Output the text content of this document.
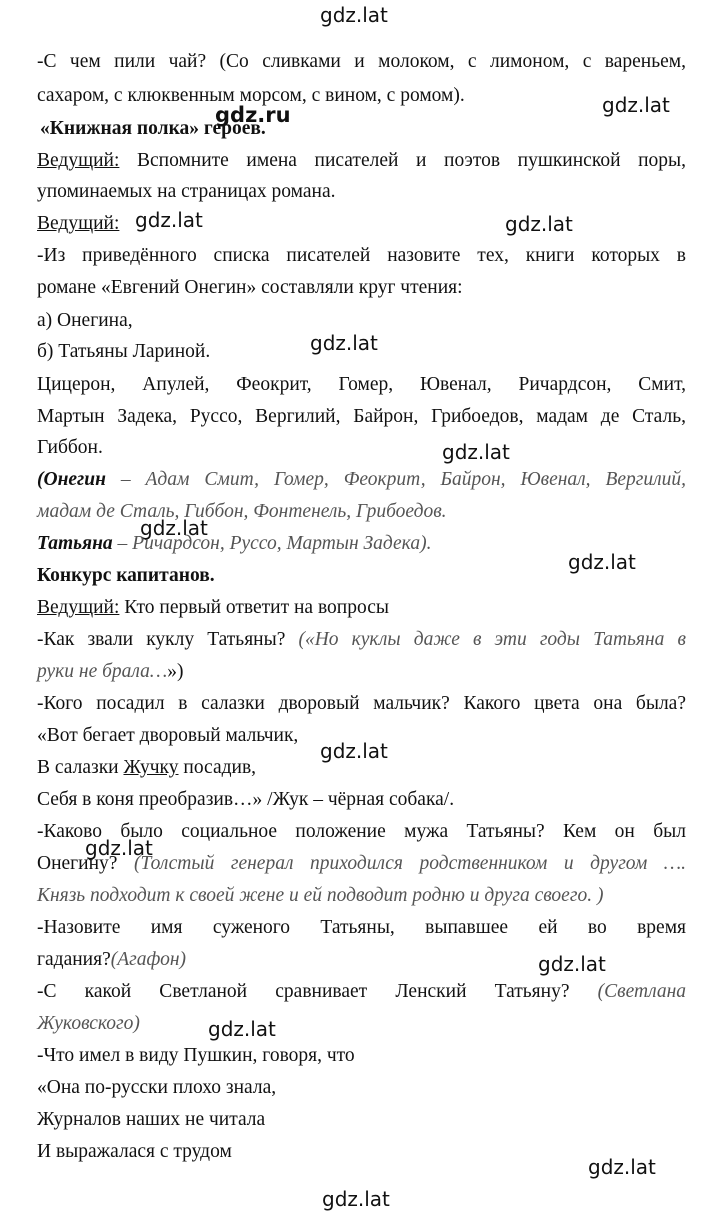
gdz.lat
gdz.lat
gdz.ru
gdz.lat	gdz.lat
gdz.lat
gdz.lat
gdz.lat
gdz.lat
gdz.lat
gdz.lat
gdz.lat
gdz.lat
gdz.lat
gdz.lat
-С чем пили чай? (Со сливками и молоком, с лимоном, с вареньем,
сахаром, с клюквенным морсом, с вином, с ромом).
«Книжная полка» героев.
Ведущий: Вспомните имена писателей и поэтов пушкинской поры,
упоминаемых на страницах романа.
Ведущий:
-Из приведённого списка писателей назовите тех, книги которых в
романе «Евгений Онегин» составляли круг чтения:
а) Онегина,
б) Татьяны Лариной.
Цицерон, Апулей, Феокрит, Гомер, Ювенал, Ричардсон, Смит,
Мартын Задека, Руссо, Вергилий, Байрон, Грибоедов, мадам де Сталь,
Гиббон.
(Онегин – Адам Смит, Гомер, Феокрит, Байрон, Ювенал, Вергилий,
мадам де Сталь, Гиббон, Фонтенель, Грибоедов.
Татьяна – Ричардсон, Руссо, Мартын Задека).
Конкурс капитанов.
Ведущий: Кто первый ответит на вопросы
-Как звали куклу Татьяны? («Но куклы даже в эти годы Татьяна в
руки не брала…»)
-Кого посадил в салазки дворовый мальчик? Какого цвета она была?
«Вот бегает дворовый мальчик,
В салазки Жучку посадив,
Себя в коня преобразив…» /Жук – чёрная собака/.
-Каково было социальное положение мужа Татьяны? Кем он был
Онегину? (Толстый генерал приходился родственником и другом ….
Князь подходит к своей жене и ей подводит родню и друга своего. )
-Назовите имя суженого Татьяны, выпавшее ей во время
гадания?(Агафон)
-С какой Светланой сравнивает Ленский Татьяну? (Светлана
Жуковского)
-Что имел в виду Пушкин, говоря, что
«Она по-русски плохо знала,
Журналов наших не читала
И выражалася с трудом
